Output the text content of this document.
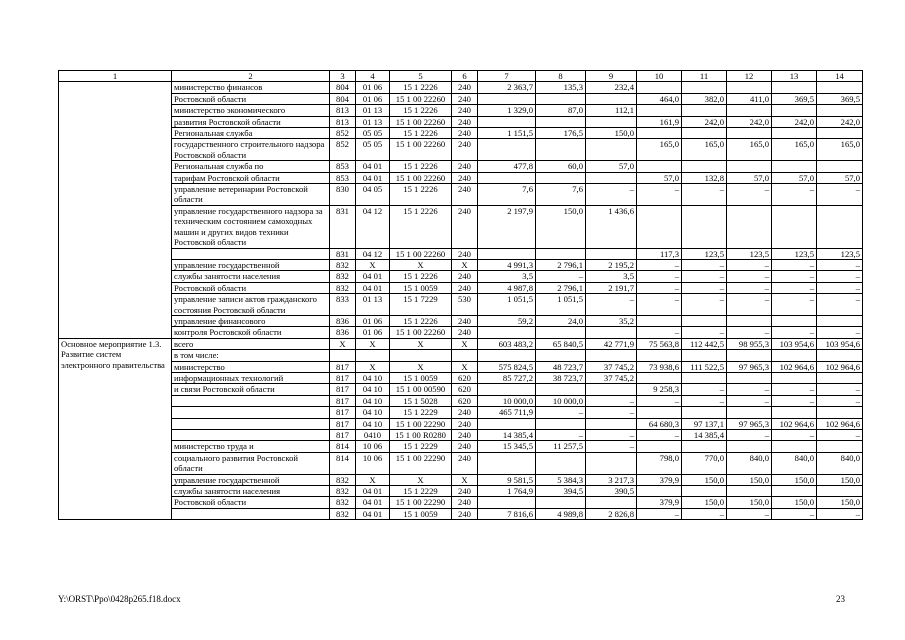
1	2	3	4	5	6	7	8	9	10	11	12	13	14
	министерство финансов	804	01 06	15 1 2226	240	2 363,7	135,3	232,4					
	Ростовской области	804	01 06	15 1 00 22260	240				464,0	382,0	411,0	369,5	369,5
	министерство экономического	813	01 13	15 1 2226	240	1 329,0	87,0	112,1					
	развития Ростовской области	813	01 13	15 1 00 22260	240				161,9	242,0	242,0	242,0	242,0
	Региональная служба	852	05 05	15 1 2226	240	1 151,5	176,5	150,0					
	государственного строительного надзора Ростовской области	852	05 05	15 1 00 22260	240				165,0	165,0	165,0	165,0	165,0
	Региональная служба по	853	04 01	15 1 2226	240	477,8	60,0	57,0					
	тарифам Ростовской области	853	04 01	15 1 00 22260	240				57,0	132,8	57,0	57,0	57,0
	управление ветеринарии Ростовской области	830	04 05	15 1 2226	240	7,6	7,6	–	–	–	–	–	–
	управление государственного надзора за техническим состоянием самоходных машин и других видов техники Ростовской области	831	04 12	15 1 2226	240	2 197,9	150,0	1 436,6					
		831	04 12	15 1 00 22260	240				117,3	123,5	123,5	123,5	123,5
	управление государственной	832	Х	Х	Х	4 991,3	2 796,1	2 195,2	–	–	–	–	–
	службы занятости населения	832	04 01	15 1 2226	240	3,5	–	3,5	–	–	–	–	–
	Ростовской области	832	04 01	15 1 0059	240	4 987,8	2 796,1	2 191,7	–	–	–	–	–
	управление записи актов гражданского состояния Ростовской области	833	01 13	15 1 7229	530	1 051,5	1 051,5	–	–	–	–	–	–
	управление финансового	836	01 06	15 1 2226	240	59,2	24,0	35,2					
	контроля Ростовской области	836	01 06	15 1 00 22260	240				–	–	–	–	–
Основное мероприятие 1.3. Развитие систем электронного правительства	всего	Х	Х	Х	Х	603 483,2	65 840,5	42 771,9	75 563,8	112 442,5	98 955,3	103 954,6	103 954,6
	в том числе:												
	министерство	817	Х	Х	Х	575 824,5	48 723,7	37 745,2	73 938,6	111 522,5	97 965,3	102 964,6	102 964,6
	информационных технологий	817	04 10	15 1 0059	620	85 727,2	38 723,7	37 745,2					
	и связи Ростовской области	817	04 10	15 1 00 00590	620				9 258,3	–	–	–	–
		817	04 10	15 1 5028	620	10 000,0	10 000,0	–	–	–	–	–	–
		817	04 10	15 1 2229	240	465 711,9	–	–					
		817	04 10	15 1 00 22290	240				64 680,3	97 137,1	97 965,3	102 964,6	102 964,6
		817	0410	15 1 00 R0280	240	14 385,4	–	–	–	14 385,4	–	–	–
	министерство труда и	814	10 06	15 1 2229	240	15 345,5	11 257,5	–					
	социального развития Ростовской области	814	10 06	15 1 00 22290	240				798,0	770,0	840,0	840,0	840,0
	управление государственной	832	Х	Х	Х	9 581,5	5 384,3	3 217,3	379,9	150,0	150,0	150,0	150,0
	службы занятости населения	832	04 01	15 1 2229	240	1 764,9	394,5	390,5					
	Ростовской области	832	04 01	15 1 00 22290	240				379,9	150,0	150,0	150,0	150,0
		832	04 01	15 1 0059	240	7 816,6	4 989,8	2 826,8	–	–	–	–	–
Y:\ORST\Ppo\0428p265.f18.docx	23
